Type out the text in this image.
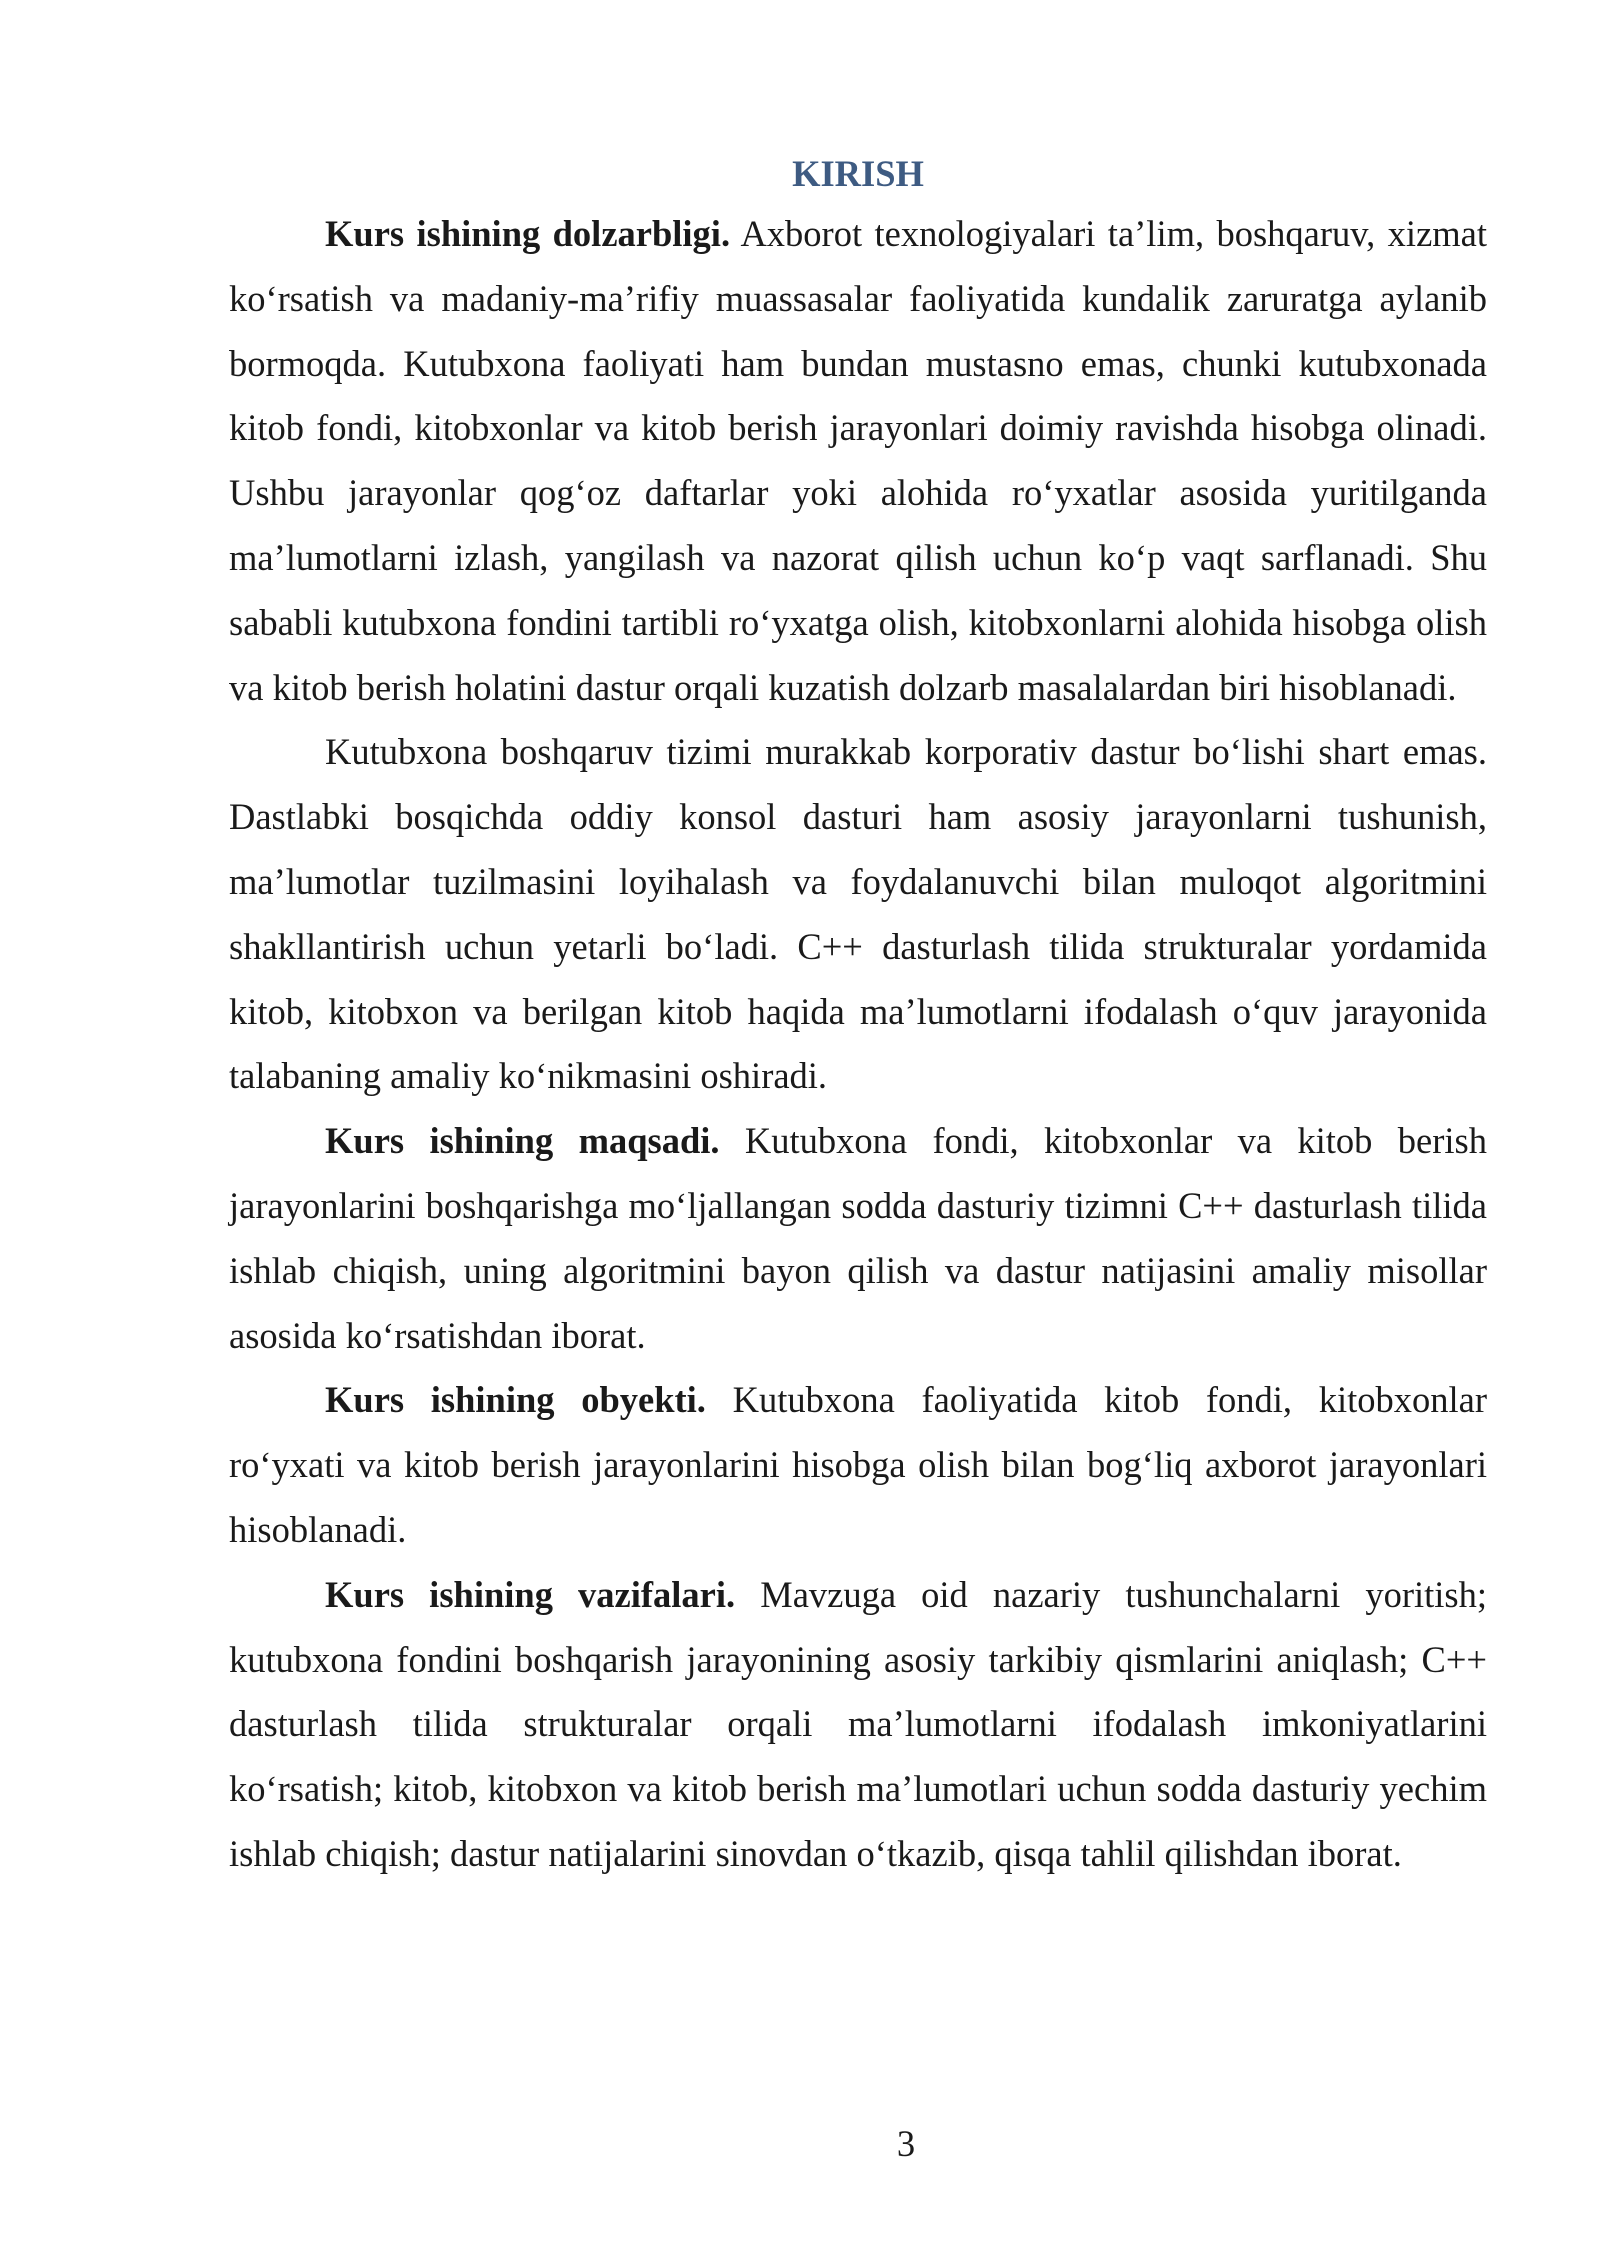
KIRISH

Kurs ishining dolzarbligi. Axborot texnologiyalari ta’lim, boshqaruv, xizmat ko‘rsatish va madaniy-ma’rifiy muassasalar faoliyatida kundalik zaruratga aylanib bormoqda. Kutubxona faoliyati ham bundan mustasno emas, chunki kutubxonada kitob fondi, kitobxonlar va kitob berish jarayonlari doimiy ravishda hisobga olinadi. Ushbu jarayonlar qog‘oz daftarlar yoki alohida ro‘yxatlar asosida yuritilganda ma’lumotlarni izlash, yangilash va nazorat qilish uchun ko‘p vaqt sarflanadi. Shu sababli kutubxona fondini tartibli ro‘yxatga olish, kitobxonlarni alohida hisobga olish va kitob berish holatini dastur orqali kuzatish dolzarb masalalardan biri hisoblanadi.

Kutubxona boshqaruv tizimi murakkab korporativ dastur bo‘lishi shart emas. Dastlabki bosqichda oddiy konsol dasturi ham asosiy jarayonlarni tushunish, ma’lumotlar tuzilmasini loyihalash va foydalanuvchi bilan muloqot algoritmini shakllantirish uchun yetarli bo‘ladi. C++ dasturlash tilida strukturalar yordamida kitob, kitobxon va berilgan kitob haqida ma’lumotlarni ifodalash o‘quv jarayonida talabaning amaliy ko‘nikmasini oshiradi.

Kurs ishining maqsadi. Kutubxona fondi, kitobxonlar va kitob berish jarayonlarini boshqarishga mo‘ljallangan sodda dasturiy tizimni C++ dasturlash tilida ishlab chiqish, uning algoritmini bayon qilish va dastur natijasini amaliy misollar asosida ko‘rsatishdan iborat.

Kurs ishining obyekti. Kutubxona faoliyatida kitob fondi, kitobxonlar ro‘yxati va kitob berish jarayonlarini hisobga olish bilan bog‘liq axborot jarayonlari hisoblanadi.

Kurs ishining vazifalari. Mavzuga oid nazariy tushunchalarni yoritish; kutubxona fondini boshqarish jarayonining asosiy tarkibiy qismlarini aniqlash; C++ dasturlash tilida strukturalar orqali ma’lumotlarni ifodalash imkoniyatlarini ko‘rsatish; kitob, kitobxon va kitob berish ma’lumotlari uchun sodda dasturiy yechim ishlab chiqish; dastur natijalarini sinovdan o‘tkazib, qisqa tahlil qilishdan iborat.

3
